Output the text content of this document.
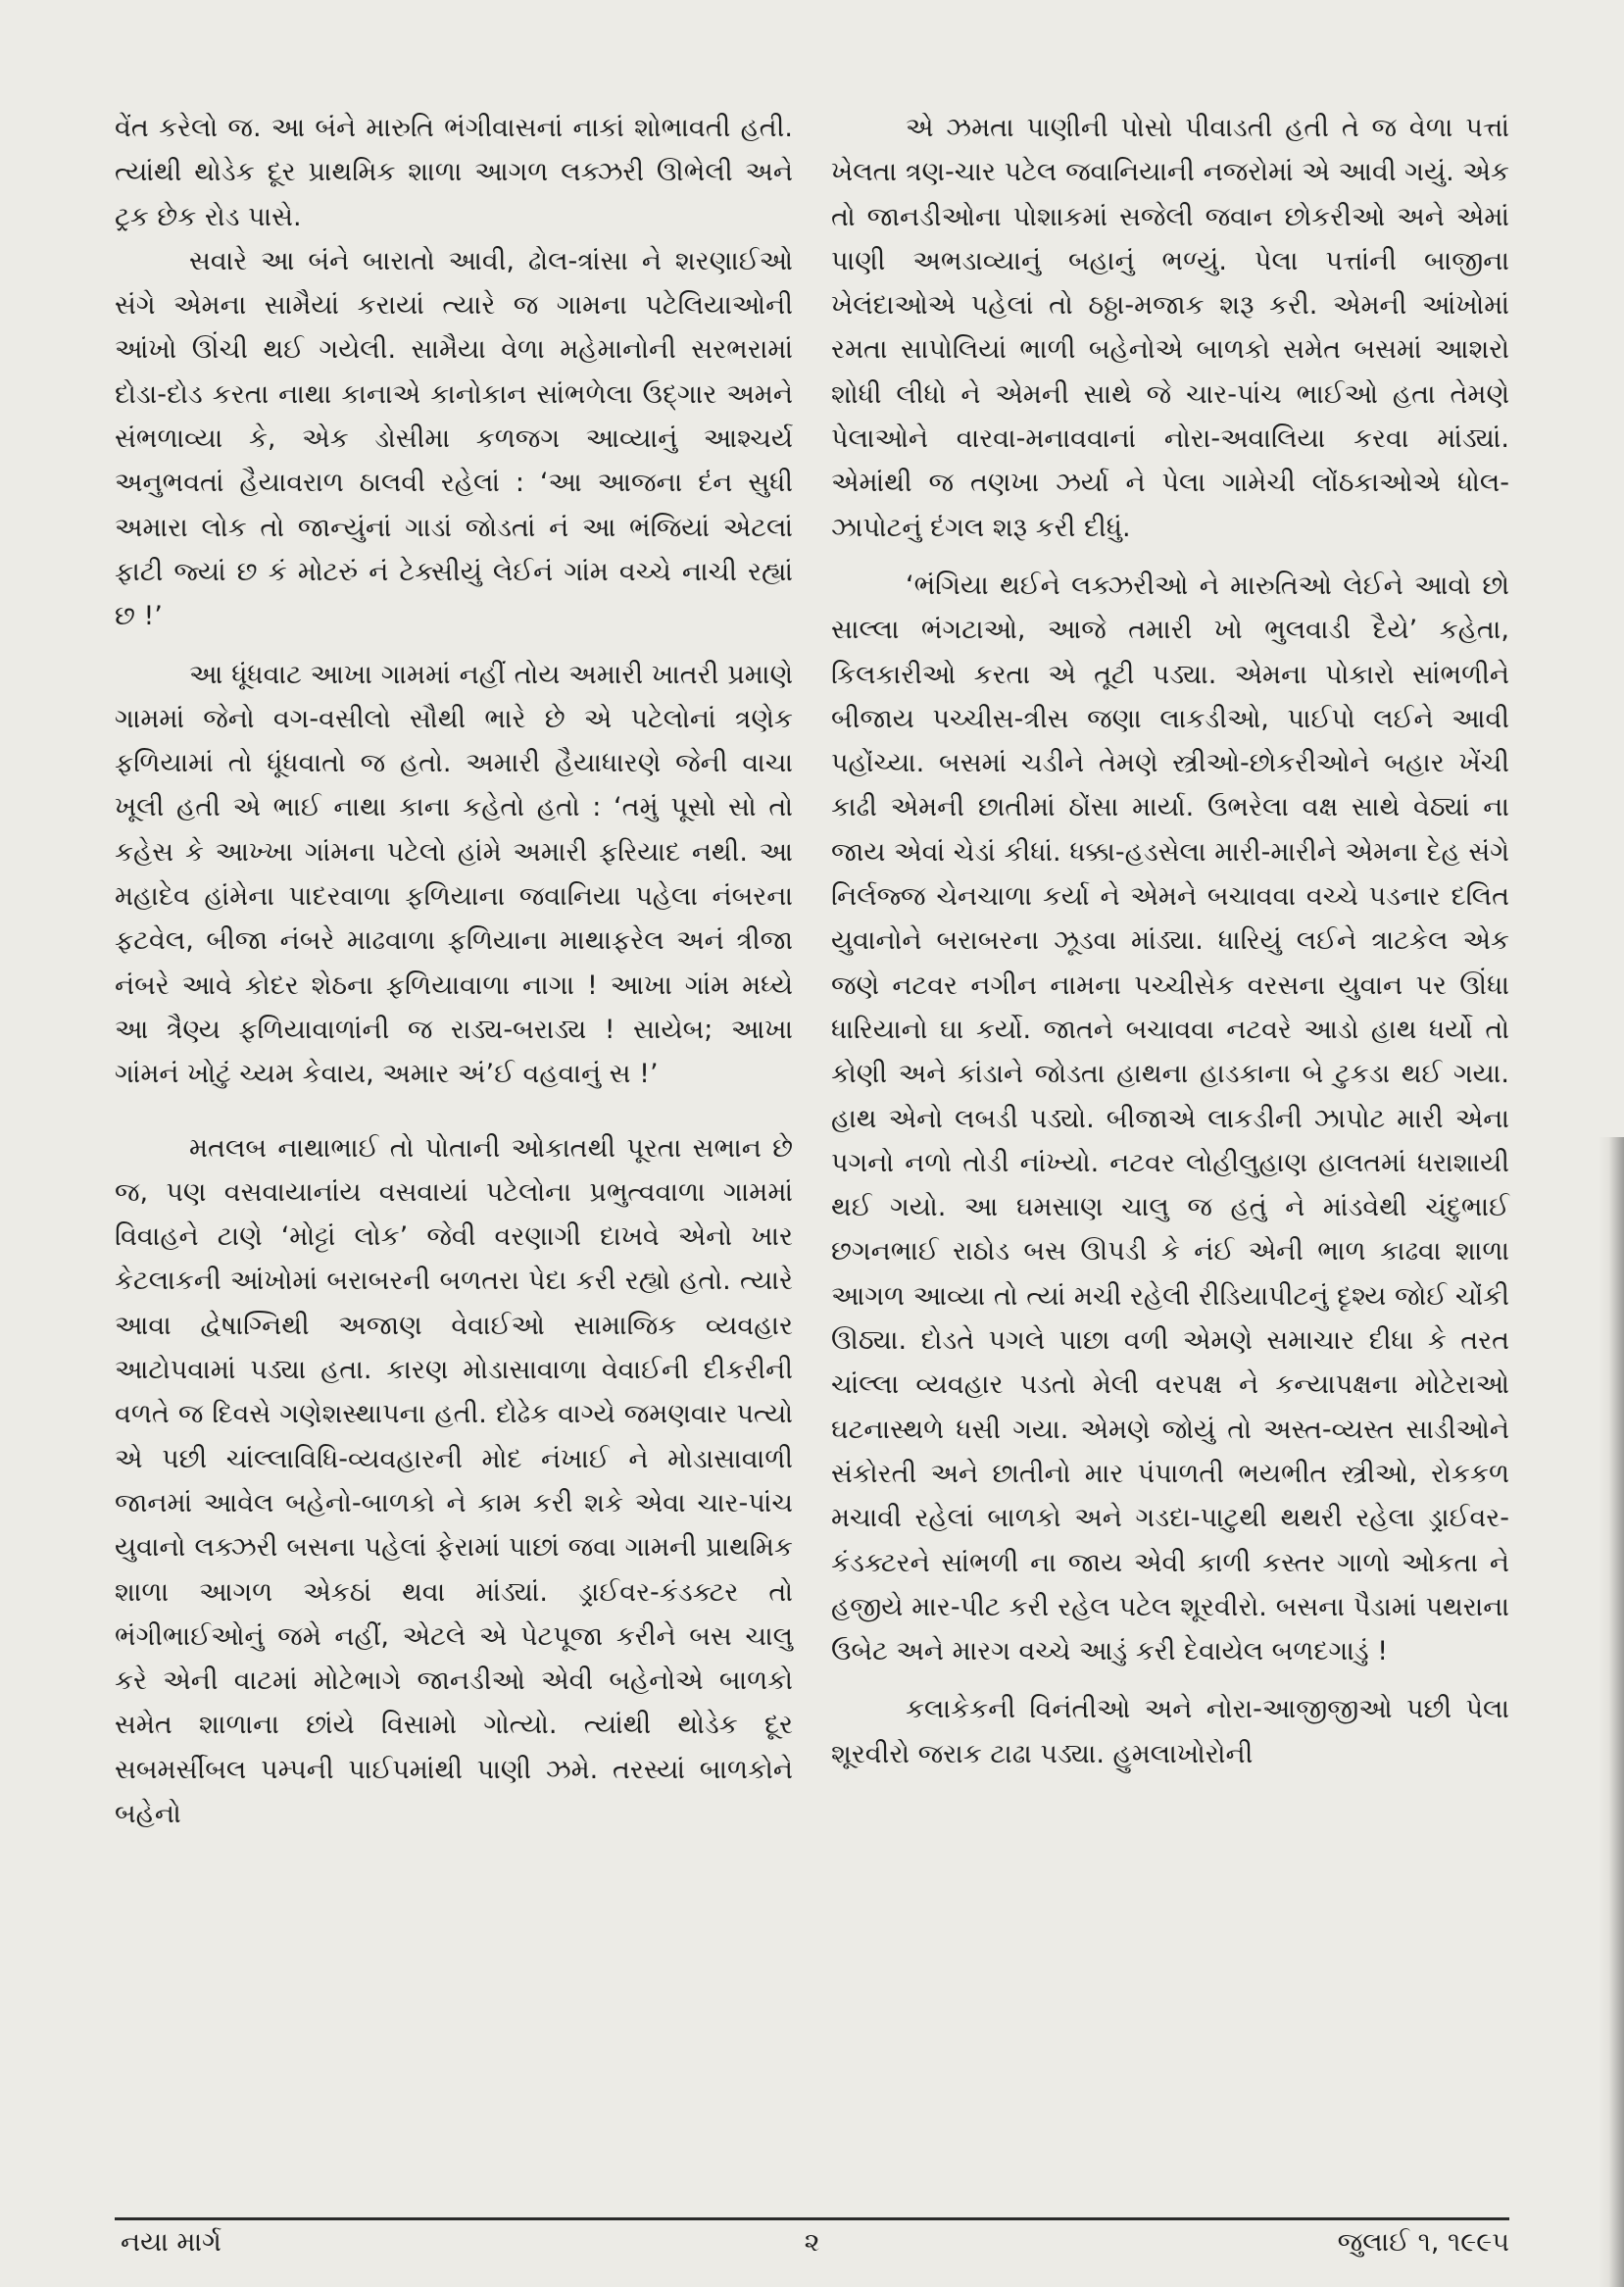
વેંત કરેલો જ. આ બંને મારુતિ ભંગીવાસનાં નાકાં શોભાવતી હતી. ત્યાંથી થોડેક દૂર પ્રાથમિક શાળા આગળ લક્ઝરી ઊભેલી અને ટ્રક છેક રોડ પાસે.

સવારે આ બંને બારાતો આવી, ઢોલ-ત્રાંસા ને શરણાઈઓ સંગે એમના સામૈયાં કરાયાં ત્યારે જ ગામના પટેલિયાઓની આંખો ઊંચી થઈ ગયેલી. સામૈયા વેળા મહેમાનોની સરભરામાં દોડા-દોડ કરતા નાથા કાનાએ કાનોકાન સાંભળેલા ઉદ્ગાર અમને સંભળાવ્યા કે, એક ડોસીમા કળજગ આવ્યાનું આશ્ચર્ય અનુભવતાં હૈયાવરાળ ઠાલવી રહેલાં : ‘આ આજના દંન સુધી અમારા લોક તો જાન્યુંનાં ગાડાં જોડતાં નં આ ભંજિયાં એટલાં ફાટી જ્યાં છ કં મોટરું નં ટેક્સીયું લેઈનં ગાંમ વચ્ચે નાચી રહ્યાં છ !’

આ ધૂંધવાટ આખા ગામમાં નહીં તોય અમારી ખાતરી પ્રમાણે ગામમાં જેનો વગ-વસીલો સૌથી ભારે છે એ પટેલોનાં ત્રણેક ફળિયામાં તો ધૂંધવાતો જ હતો. અમારી હૈયાધારણે જેની વાચા ખૂલી હતી એ ભાઈ નાથા કાના કહેતો હતો : ‘તમું પૂસો સો તો કહેસ કે આખ્ખા ગાંમના પટેલો હાંમે અમારી ફરિયાદ નથી. આ મહાદેવ હાંમેના પાદરવાળા ફળિયાના જવાનિયા પહેલા નંબરના ફટવેલ, બીજા નંબરે માઢવાળા ફળિયાના માથાફરેલ અનં ત્રીજા નંબરે આવે કોદર શેઠના ફળિયાવાળા નાગા ! આખા ગાંમ મધ્યે આ ત્રૈણ્ય ફળિયાવાળાંની જ રાડ્ય-બરાડ્ય ! સાયેબ; આખા ગાંમનં ખોટું ચ્યમ કેવાય, અમાર અં’ઈ વહવાનું સ !’

મતલબ નાથાભાઈ તો પોતાની ઓકાતથી પૂરતા સભાન છે જ, પણ વસવાયાનાંય વસવાયાં પટેલોના પ્રભુત્વવાળા ગામમાં વિવાહને ટાણે ‘મોટ્ટાં લોક’ જેવી વરણાગી દાખવે એનો ખાર કેટલાકની આંખોમાં બરાબરની બળતરા પેદા કરી રહ્યો હતો. ત્યારે આવા દ્વેષાગ્નિથી અજાણ વેવાઈઓ સામાજિક વ્યવહાર આટોપવામાં પડ્યા હતા. કારણ મોડાસાવાળા વેવાઈની દીકરીની વળતે જ દિવસે ગણેશસ્થાપના હતી. દોઢેક વાગ્યે જમણવાર પત્યો એ પછી ચાંલ્લાવિધિ-વ્યવહારની મોદ નંખાઈ ને મોડાસાવાળી જાનમાં આવેલ બહેનો-બાળકો ને કામ કરી શકે એવા ચાર-પાંચ યુવાનો લક્ઝરી બસના પહેલાં ફેરામાં પાછાં જવા ગામની પ્રાથમિક શાળા આગળ એકઠાં થવા માંડ્યાં. ડ્રાઈવર-કંડક્ટર તો ભંગીભાઈઓનું જમે નહીં, એટલે એ પેટપૂજા કરીને બસ ચાલુ કરે એની વાટમાં મોટેભાગે જાનડીઓ એવી બહેનોએ બાળકો સમેત શાળાના છાંયે વિસામો ગોત્યો. ત્યાંથી થોડેક દૂર સબમર્સીબલ પમ્પની પાઈપમાંથી પાણી ઝમે. તરસ્યાં બાળકોને બહેનો

એ ઝમતા પાણીની પોસો પીવાડતી હતી તે જ વેળા પત્તાં ખેલતા ત્રણ-ચાર પટેલ જવાનિયાની નજરોમાં એ આવી ગયું. એક તો જાનડીઓના પોશાકમાં સજેલી જવાન છોકરીઓ અને એમાં પાણી અભડાવ્યાનું બહાનું ભળ્યું. પેલા પત્તાંની બાજીના ખેલંદાઓએ પહેલાં તો ઠઠ્ઠા-મજાક શરૂ કરી. એમની આંખોમાં રમતા સાપોલિયાં ભાળી બહેનોએ બાળકો સમેત બસમાં આશરો શોધી લીધો ને એમની સાથે જે ચાર-પાંચ ભાઈઓ હતા તેમણે પેલાઓને વારવા-મનાવવાનાં નોરા-અવાલિયા કરવા માંડ્યાં. એમાંથી જ તણખા ઝર્યા ને પેલા ગામેચી લોંઠકાઓએ ધોલ-ઝાપોટનું દંગલ શરૂ કરી દીધું.

‘ભંગિયા થઈને લક્ઝરીઓ ને મારુતિઓ લેઈને આવો છો સાલ્લા ભંગટાઓ, આજે તમારી ખો ભુલવાડી દૈયે’ કહેતા, કિલકારીઓ કરતા એ તૂટી પડ્યા. એમના પોકારો સાંભળીને બીજાય પચ્ચીસ-ત્રીસ જણા લાકડીઓ, પાઈપો લઈને આવી પહોંચ્યા. બસમાં ચડીને તેમણે સ્ત્રીઓ-છોકરીઓને બહાર ખેંચી કાઢી એમની છાતીમાં ઠોંસા માર્યા. ઉભરેલા વક્ષ સાથે વેઠ્યાં ના જાય એવાં ચેડાં કીધાં. ધક્કા-હડસેલા મારી-મારીને એમના દેહ સંગે નિર્લજ્જ ચેનચાળા કર્યા ને એમને બચાવવા વચ્ચે પડનાર દલિત યુવાનોને બરાબરના ઝૂડવા માંડ્યા. ધારિયું લઈને ત્રાટકેલ એક જણે નટવર નગીન નામના પચ્ચીસેક વરસના યુવાન પર ઊંધા ધારિયાનો ઘા કર્યો. જાતને બચાવવા નટવરે આડો હાથ ધર્યો તો કોણી અને કાંડાને જોડતા હાથના હાડકાના બે ટુકડા થઈ ગયા. હાથ એનો લબડી પડ્યો. બીજાએ લાકડીની ઝાપોટ મારી એના પગનો નળો તોડી નાંખ્યો. નટવર લોહીલુહાણ હાલતમાં ધરાશાયી થઈ ગયો. આ ઘમસાણ ચાલુ જ હતું ને માંડવેથી ચંદુભાઈ છગનભાઈ રાઠોડ બસ ઊપડી કે નંઈ એની ભાળ કાઢવા શાળા આગળ આવ્યા તો ત્યાં મચી રહેલી રીડિયાપીટનું દૃશ્ય જોઈ ચોંકી ઊઠ્યા. દોડતે પગલે પાછા વળી એમણે સમાચાર દીધા કે તરત ચાંલ્લા વ્યવહાર પડતો મેલી વરપક્ષ ને કન્યાપક્ષના મોટેરાઓ ઘટનાસ્થળે ધસી ગયા. એમણે જોયું તો અસ્ત-વ્યસ્ત સાડીઓને સંકોરતી અને છાતીનો માર પંપાળતી ભયભીત સ્ત્રીઓ, રોકકળ મચાવી રહેલાં બાળકો અને ગડદા-પાટુથી થથરી રહેલા ડ્રાઈવર-કંડક્ટરને સાંભળી ના જાય એવી કાળી કસ્તર ગાળો ઓકતા ને હજીયે માર-પીટ કરી રહેલ પટેલ શૂરવીરો. બસના પૈડામાં પથરાના ઉબેટ અને મારગ વચ્ચે આડું કરી દેવાયેલ બળદગાડું !

કલાકેકની વિનંતીઓ અને નોરા-આજીજીઓ પછી પેલા શૂરવીરો જરાક ટાઢા પડ્યા. હુમલાખોરોની

નયા માર્ગ	૨	જુલાઈ ૧, ૧૯૯૫
